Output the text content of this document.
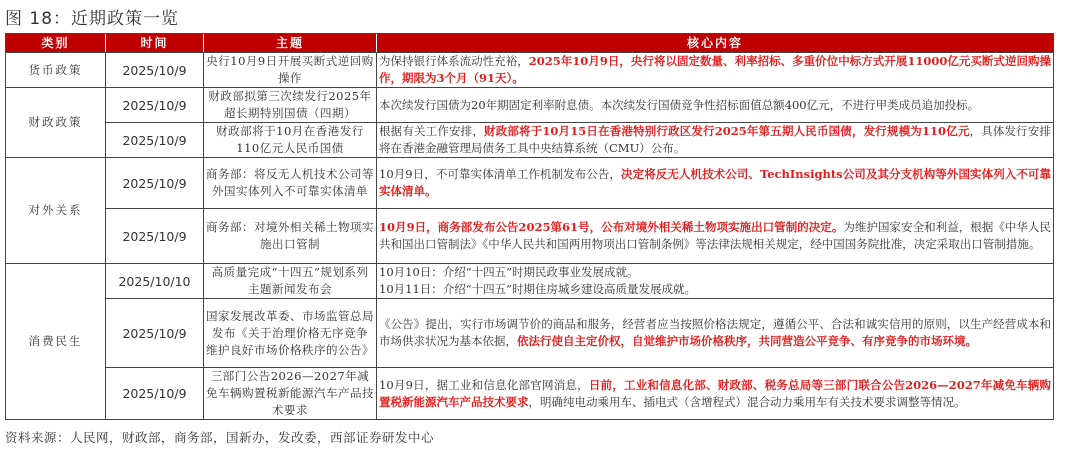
图 18：近期政策一览
类别	时间	主题	核心内容
货币政策	2025/10/9	央行10月9日开展买断式逆回购操作	为保持银行体系流动性充裕，2025年10月9日，央行将以固定数量、利率招标、多重价位中标方式开展11000亿元买断式逆回购操作，期限为3个月（91天）。
财政政策	2025/10/9	财政部拟第三次续发行2025年超长期特别国债（四期）	本次续发行国债为20年期固定利率附息债。本次续发行国债竞争性招标面值总额400亿元，不进行甲类成员追加投标。
	2025/10/9	财政部将于10月在香港发行110亿元人民币国债	根据有关工作安排，财政部将于10月15日在香港特别行政区发行2025年第五期人民币国债，发行规模为110亿元，具体发行安排将在香港金融管理局债务工具中央结算系统（CMU）公布。
对外关系	2025/10/9	商务部：将反无人机技术公司等外国实体列入不可靠实体清单	10月9日，不可靠实体清单工作机制发布公告，决定将反无人机技术公司、TechInsights公司及其分支机构等外国实体列入不可靠实体清单。
	2025/10/9	商务部：对境外相关稀土物项实施出口管制	10月9日，商务部发布公告2025第61号，公布对境外相关稀土物项实施出口管制的决定。为维护国家安全和利益，根据《中华人民共和国出口管制法》《中华人民共和国两用物项出口管制条例》等法律法规相关规定，经中国国务院批准，决定采取出口管制措施。
消费民生	2025/10/10	高质量完成“十四五”规划系列主题新闻发布会	10月10日：介绍“十四五”时期民政事业发展成就。

10月11日：介绍“十四五”时期住房城乡建设高质量发展成就。

	2025/10/9	国家发展改革委、市场监管总局发布《关于治理价格无序竞争 维护良好市场价格秩序的公告》	《公告》提出，实行市场调节价的商品和服务，经营者应当按照价格法规定，遵循公平、合法和诚实信用的原则，以生产经营成本和市场供求状况为基本依据，依法行使自主定价权，自觉维护市场价格秩序，共同营造公平竞争、有序竞争的市场环境。
	2025/10/9	三部门公告2026—2027年减免车辆购置税新能源汽车产品技术要求	10月9日，据工业和信息化部官网消息，日前，工业和信息化部、财政部、税务总局等三部门联合公告2026—2027年减免车辆购置税新能源汽车产品技术要求，明确纯电动乘用车、插电式（含增程式）混合动力乘用车有关技术要求调整等情况。
资料来源：人民网，财政部，商务部，国新办，发改委，西部证券研发中心
